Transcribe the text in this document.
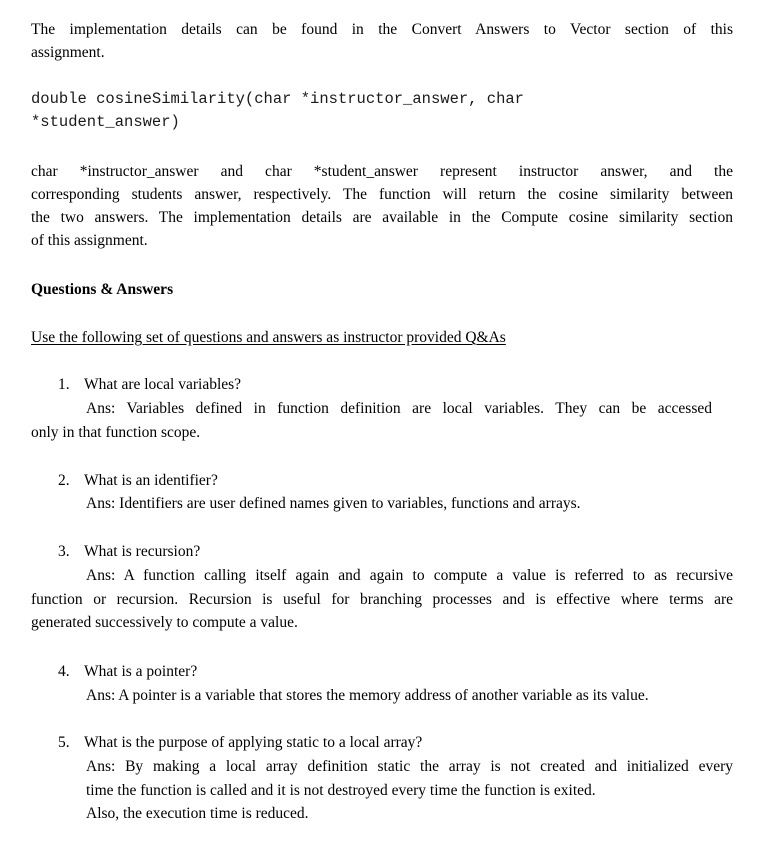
The implementation details can be found in the Convert Answers to Vector section of this

assignment.

double cosineSimilarity(char *instructor_answer, char

*student_answer)

char *instructor_answer and char *student_answer represent instructor answer, and the

corresponding students answer, respectively. The function will return the cosine similarity between

the two answers. The implementation details are available in the Compute cosine similarity section

of this assignment.

Questions & Answers

Use the following set of questions and answers as instructor provided Q&As

1. What are local variables?

Ans: Variables defined in function definition are local variables. They can be accessed

only in that function scope.

2. What is an identifier?

Ans: Identifiers are user defined names given to variables, functions and arrays.

3. What is recursion?

Ans: A function calling itself again and again to compute a value is referred to as recursive

function or recursion. Recursion is useful for branching processes and is effective where terms are

generated successively to compute a value.

4. What is a pointer?

Ans: A pointer is a variable that stores the memory address of another variable as its value.

5. What is the purpose of applying static to a local array?

Ans: By making a local array definition static the array is not created and initialized every

time the function is called and it is not destroyed every time the function is exited.

Also, the execution time is reduced.
